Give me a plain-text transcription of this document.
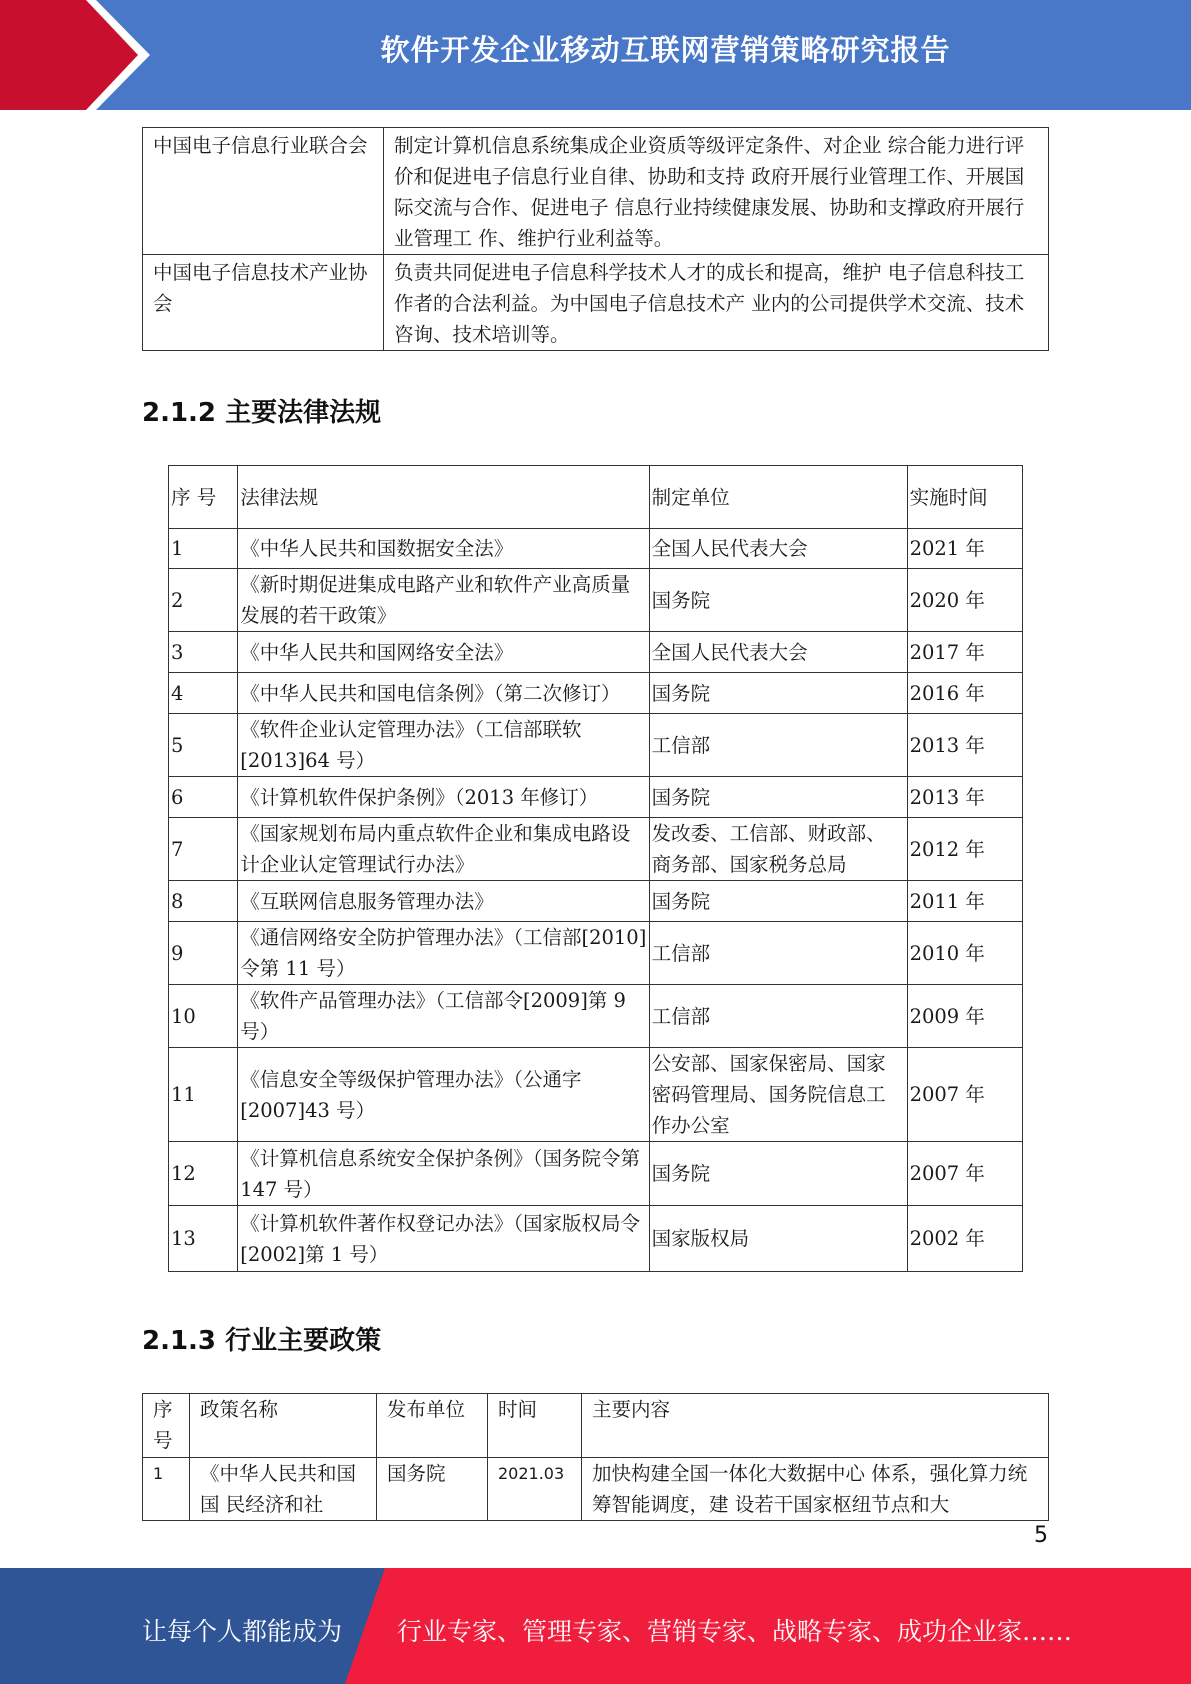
软件开发企业移动互联网营销策略研究报告
中国电子信息行业联合会	制定计算机信息系统集成企业资质等级评定条件、对企业 综合能力进行评价和促进电子信息行业自律、协助和支持 政府开展行业管理工作、开展国际交流与合作、促进电子 信息行业持续健康发展、协助和支撑政府开展行业管理工 作、维护行业利益等。
中国电子信息技术产业协会	负责共同促进电子信息科学技术人才的成长和提高，维护 电子信息科技工作者的合法利益。为中国电子信息技术产 业内的公司提供学术交流、技术咨询、技术培训等。
2.1.2 主要法律法规
序 号	法律法规	制定单位	实施时间
1	《中华人民共和国数据安全法》	全国人民代表大会	2021 年
2	《新时期促进集成电路产业和软件产业高质量发展的若干政策》	国务院	2020 年
3	《中华人民共和国网络安全法》	全国人民代表大会	2017 年
4	《中华人民共和国电信条例》（第二次修订）	国务院	2016 年
5	《软件企业认定管理办法》（工信部联软[2013]64 号）	工信部	2013 年
6	《计算机软件保护条例》（2013 年修订）	国务院	2013 年
7	《国家规划布局内重点软件企业和集成电路设计企业认定管理试行办法》	发改委、工信部、财政部、商务部、国家税务总局	2012 年
8	《互联网信息服务管理办法》	国务院	2011 年
9	《通信网络安全防护管理办法》（工信部[2010]令第 11 号）	工信部	2010 年
10	《软件产品管理办法》（工信部令[2009]第 9 号）	工信部	2009 年
11	《信息安全等级保护管理办法》（公通字[2007]43 号）	公安部、国家保密局、国家密码管理局、国务院信息工作办公室	2007 年
12	《计算机信息系统安全保护条例》（国务院令第 147 号）	国务院	2007 年
13	《计算机软件著作权登记办法》（国家版权局令[2002]第 1 号）	国家版权局	2002 年
2.1.3 行业主要政策
序号	政策名称	发布单位	时间	主要内容
1	《中华人民共和国国 民经济和社	国务院	2021.03	加快构建全国一体化大数据中心 体系，强化算力统筹智能调度，建 设若干国家枢纽节点和大
5
让每个人都能成为 行业专家、管理专家、营销专家、战略专家、成功企业家……
